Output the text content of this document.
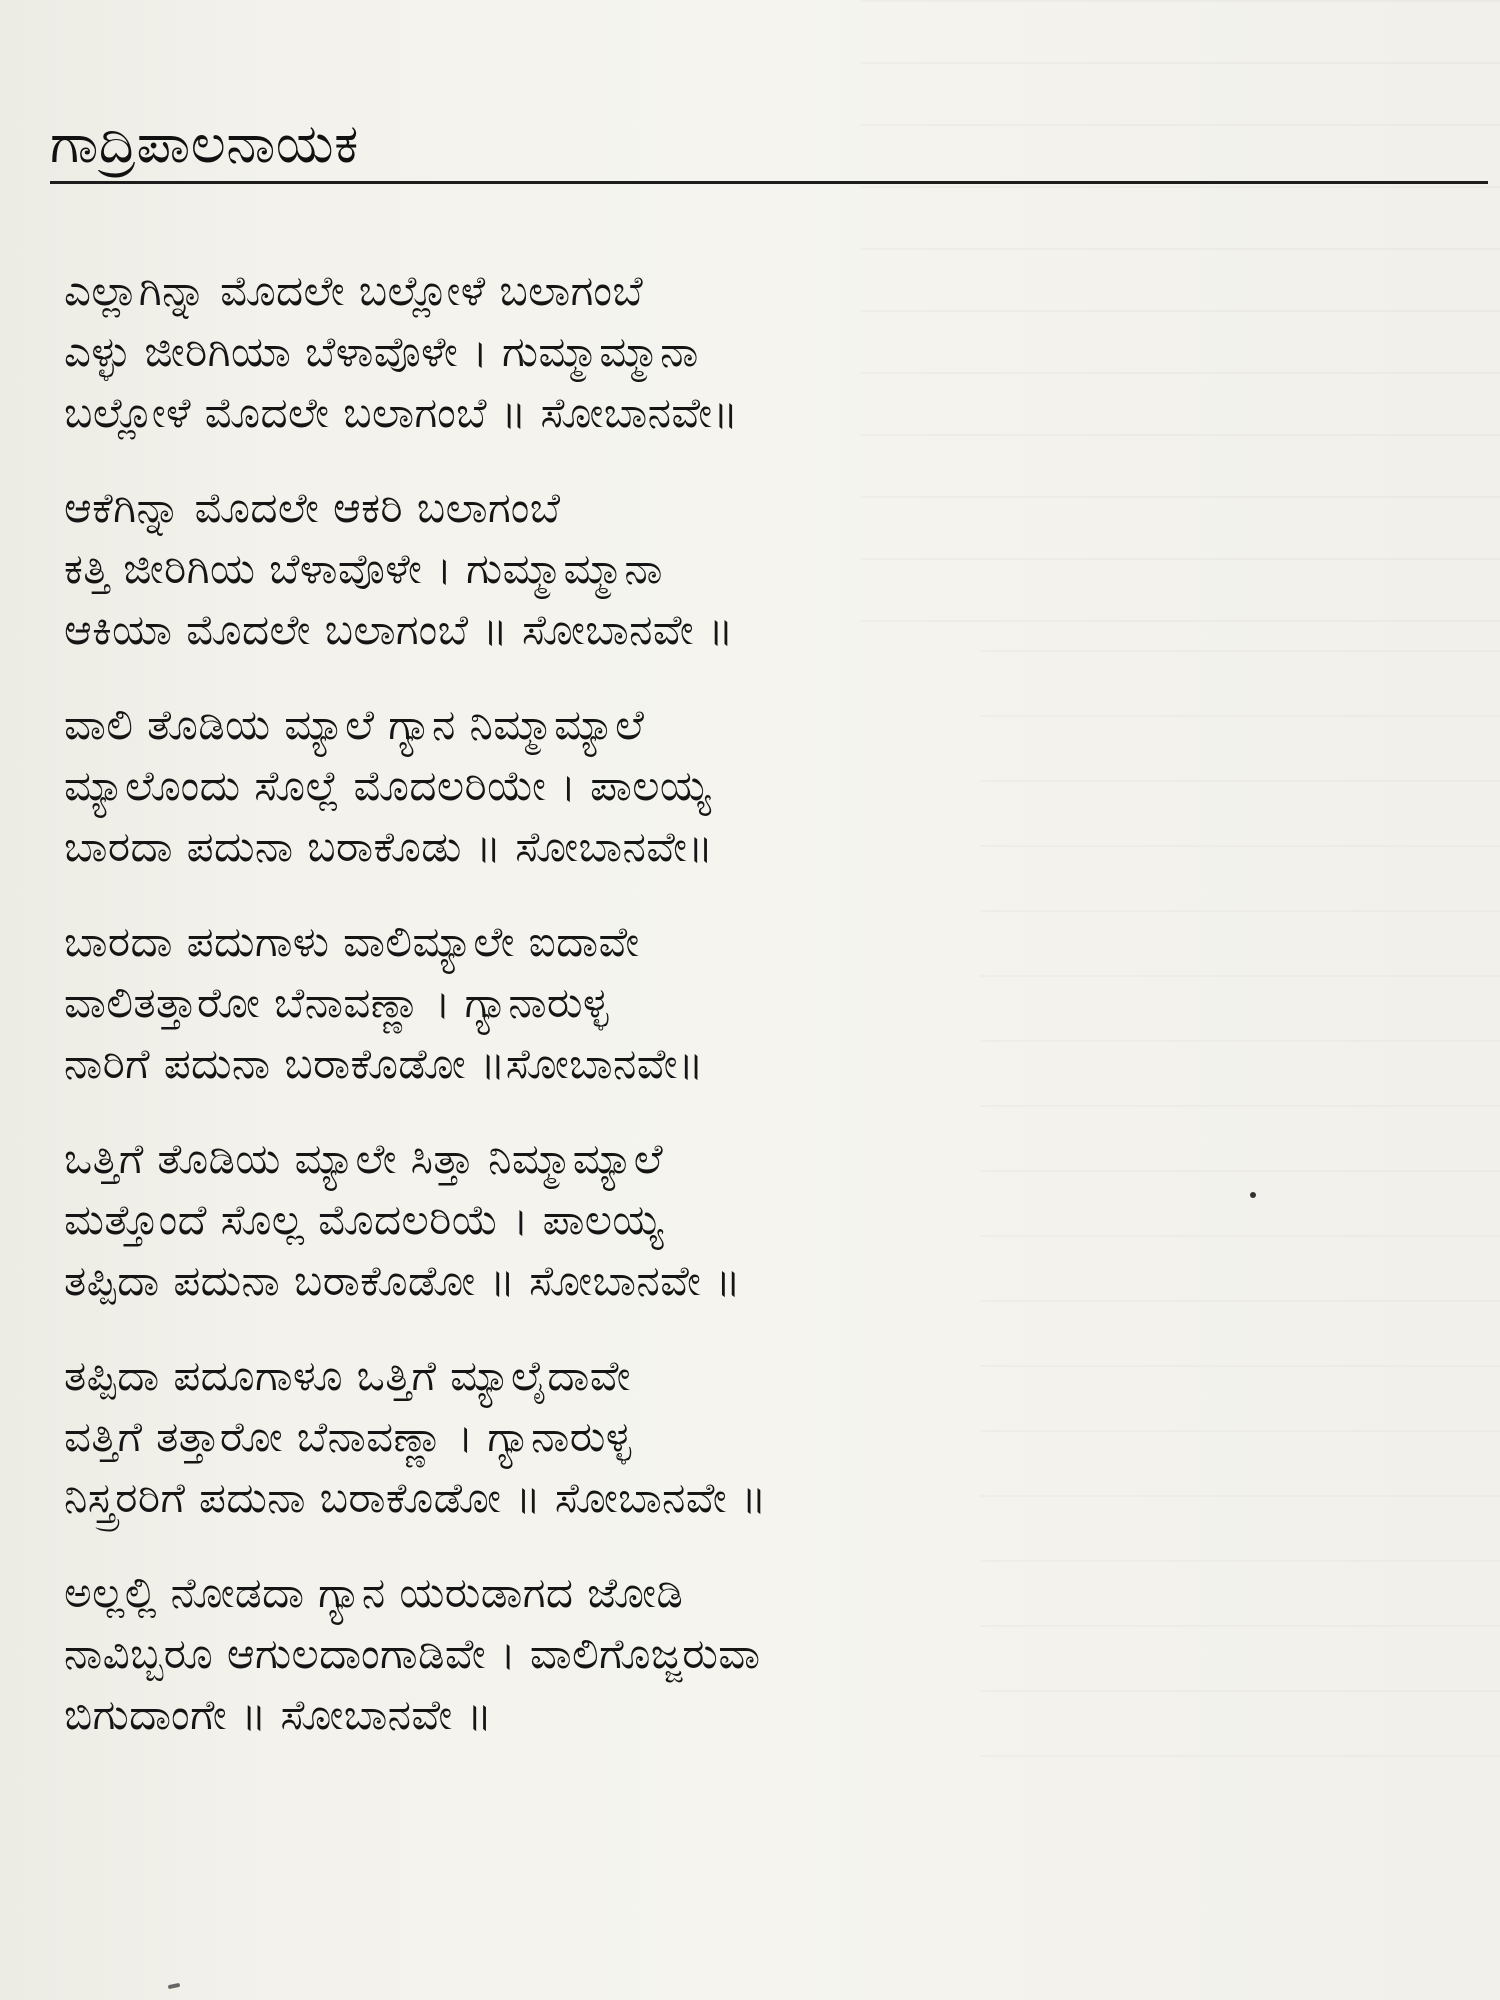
ಗಾದ್ರಿಪಾಲನಾಯಕ
ಎಲ್ಲಾಗಿನ್ನಾ ಮೊದಲೇ ಬಲ್ಲೋಳೆ ಬಲಾಗಂಬೆ
ಎಳ್ಳು ಜೀರಿಗಿಯಾ ಬೆಳಾವೊಳೇ । ಗುಮ್ಮಾಮ್ಮಾನಾ
ಬಲ್ಲೋಳೆ ಮೊದಲೇ ಬಲಾಗಂಬೆ ॥ ಸೋಬಾನವೇ॥
ಆಕೆಗಿನ್ನಾ ಮೊದಲೇ ಆಕರಿ ಬಲಾಗಂಬೆ
ಕತ್ತಿ ಜೀರಿಗಿಯ ಬೆಳಾವೊಳೇ । ಗುಮ್ಮಾಮ್ಮಾನಾ
ಆಕಿಯಾ ಮೊದಲೇ ಬಲಾಗಂಬೆ ॥ ಸೋಬಾನವೇ ॥
ವಾಲಿ ತೊಡಿಯ ಮ್ಯಾಲೆ ಗ್ಯಾನ ನಿಮ್ಮಾಮ್ಯಾಲೆ
ಮ್ಯಾಲೊಂದು ಸೊಲ್ಲೆ ಮೊದಲರಿಯೇ । ಪಾಲಯ್ಯ
ಬಾರದಾ ಪದುನಾ ಬರಾಕೊಡು ॥ ಸೋಬಾನವೇ॥
ಬಾರದಾ ಪದುಗಾಳು ವಾಲಿಮ್ಯಾಲೇ ಐದಾವೇ
ವಾಲಿತತ್ತಾರೋ ಬೆನಾವಣ್ಣಾ । ಗ್ಯಾನಾರುಳ್ಳ
ನಾರಿಗೆ ಪದುನಾ ಬರಾಕೊಡೋ ॥ಸೋಬಾನವೇ॥
ಒತ್ತಿಗೆ ತೊಡಿಯ ಮ್ಯಾಲೇ ಸಿತ್ತಾ ನಿಮ್ಮಾಮ್ಯಾಲೆ
ಮತ್ತೊಂದೆ ಸೊಲ್ಲ ಮೊದಲರಿಯೆ । ಪಾಲಯ್ಯ
ತಪ್ಪಿದಾ ಪದುನಾ ಬರಾಕೊಡೋ ॥ ಸೋಬಾನವೇ ॥
ತಪ್ಪಿದಾ ಪದೂಗಾಳೂ ಒತ್ತಿಗೆ ಮ್ಯಾಲೈದಾವೇ
ವತ್ತಿಗೆ ತತ್ತಾರೋ ಬೆನಾವಣ್ಣಾ । ಗ್ಯಾನಾರುಳ್ಳ
ನಿಸ್ತ್ರರರಿಗೆ ಪದುನಾ ಬರಾಕೊಡೋ ॥ ಸೋಬಾನವೇ ॥
ಅಲ್ಲಲ್ಲಿ ನೋಡದಾ ಗ್ಯಾನ ಯರುಡಾಗದ ಜೋಡಿ
ನಾವಿಬ್ಬರೂ ಆಗುಲದಾಂಗಾಡಿವೇ । ವಾಲಿಗೊಜ್ಜರುವಾ
ಬಿಗುದಾಂಗೇ ॥ ಸೋಬಾನವೇ ॥
